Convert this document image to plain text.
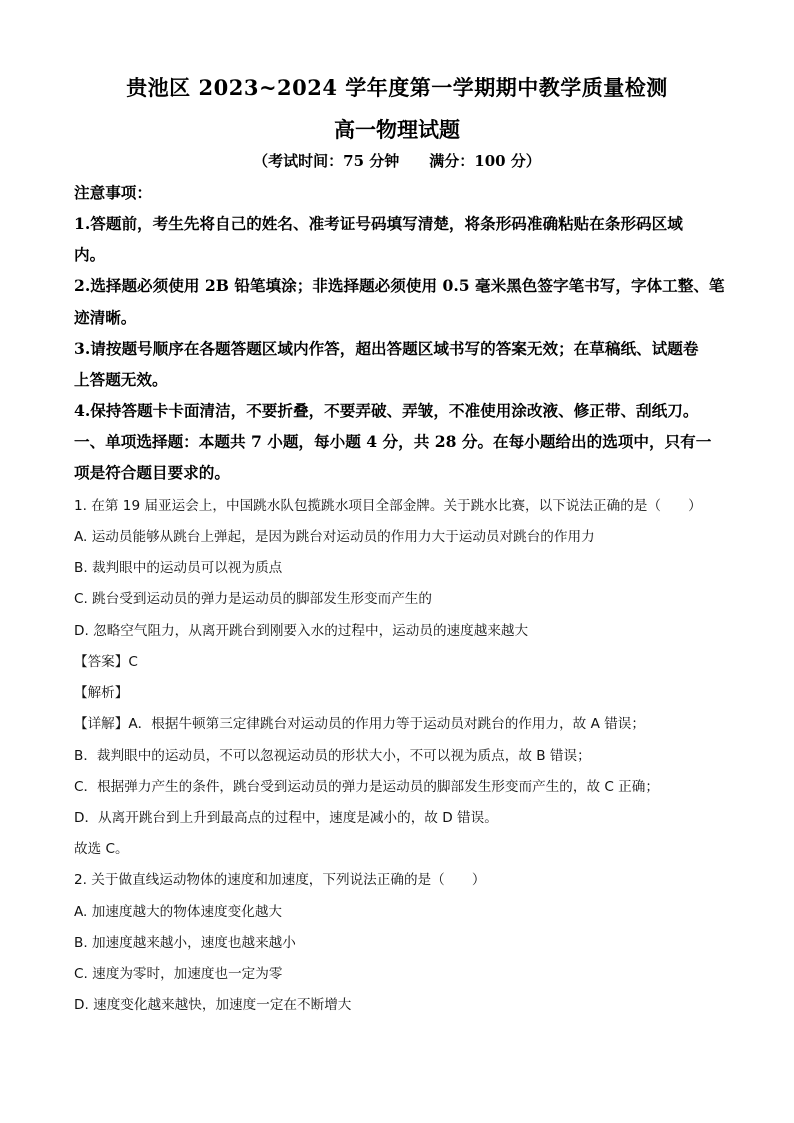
贵池区 2023~2024 学年度第一学期期中教学质量检测
高一物理试题
（考试时间：75 分钟　　满分：100 分）
注意事项：
1.答题前，考生先将自己的姓名、准考证号码填写清楚，将条形码准确粘贴在条形码区域
内。
2.选择题必须使用 2B 铅笔填涂；非选择题必须使用 0.5 毫米黑色签字笔书写，字体工整、笔
迹清晰。
3.请按题号顺序在各题答题区域内作答，超出答题区域书写的答案无效；在草稿纸、试题卷
上答题无效。
4.保持答题卡卡面清洁，不要折叠，不要弄破、弄皱，不准使用涂改液、修正带、刮纸刀。
一、单项选择题：本题共 7 小题，每小题 4 分，共 28 分。在每小题给出的选项中，只有一
项是符合题目要求的。
1. 在第 19 届亚运会上，中国跳水队包揽跳水项目全部金牌。关于跳水比赛，以下说法正确的是（　　）
A. 运动员能够从跳台上弹起，是因为跳台对运动员的作用力大于运动员对跳台的作用力
B. 裁判眼中的运动员可以视为质点
C. 跳台受到运动员的弹力是运动员的脚部发生形变而产生的
D. 忽略空气阻力，从离开跳台到刚要入水的过程中，运动员的速度越来越大
【答案】C
【解析】
【详解】A．根据牛顿第三定律跳台对运动员的作用力等于运动员对跳台的作用力，故 A 错误；
B．裁判眼中的运动员，不可以忽视运动员的形状大小，不可以视为质点，故 B 错误；
C．根据弹力产生的条件，跳台受到运动员的弹力是运动员的脚部发生形变而产生的，故 C 正确；
D．从离开跳台到上升到最高点的过程中，速度是减小的，故 D 错误。
故选 C。
2. 关于做直线运动物体的速度和加速度，下列说法正确的是（　　）
A. 加速度越大的物体速度变化越大
B. 加速度越来越小，速度也越来越小
C. 速度为零时，加速度也一定为零
D. 速度变化越来越快，加速度一定在不断增大
